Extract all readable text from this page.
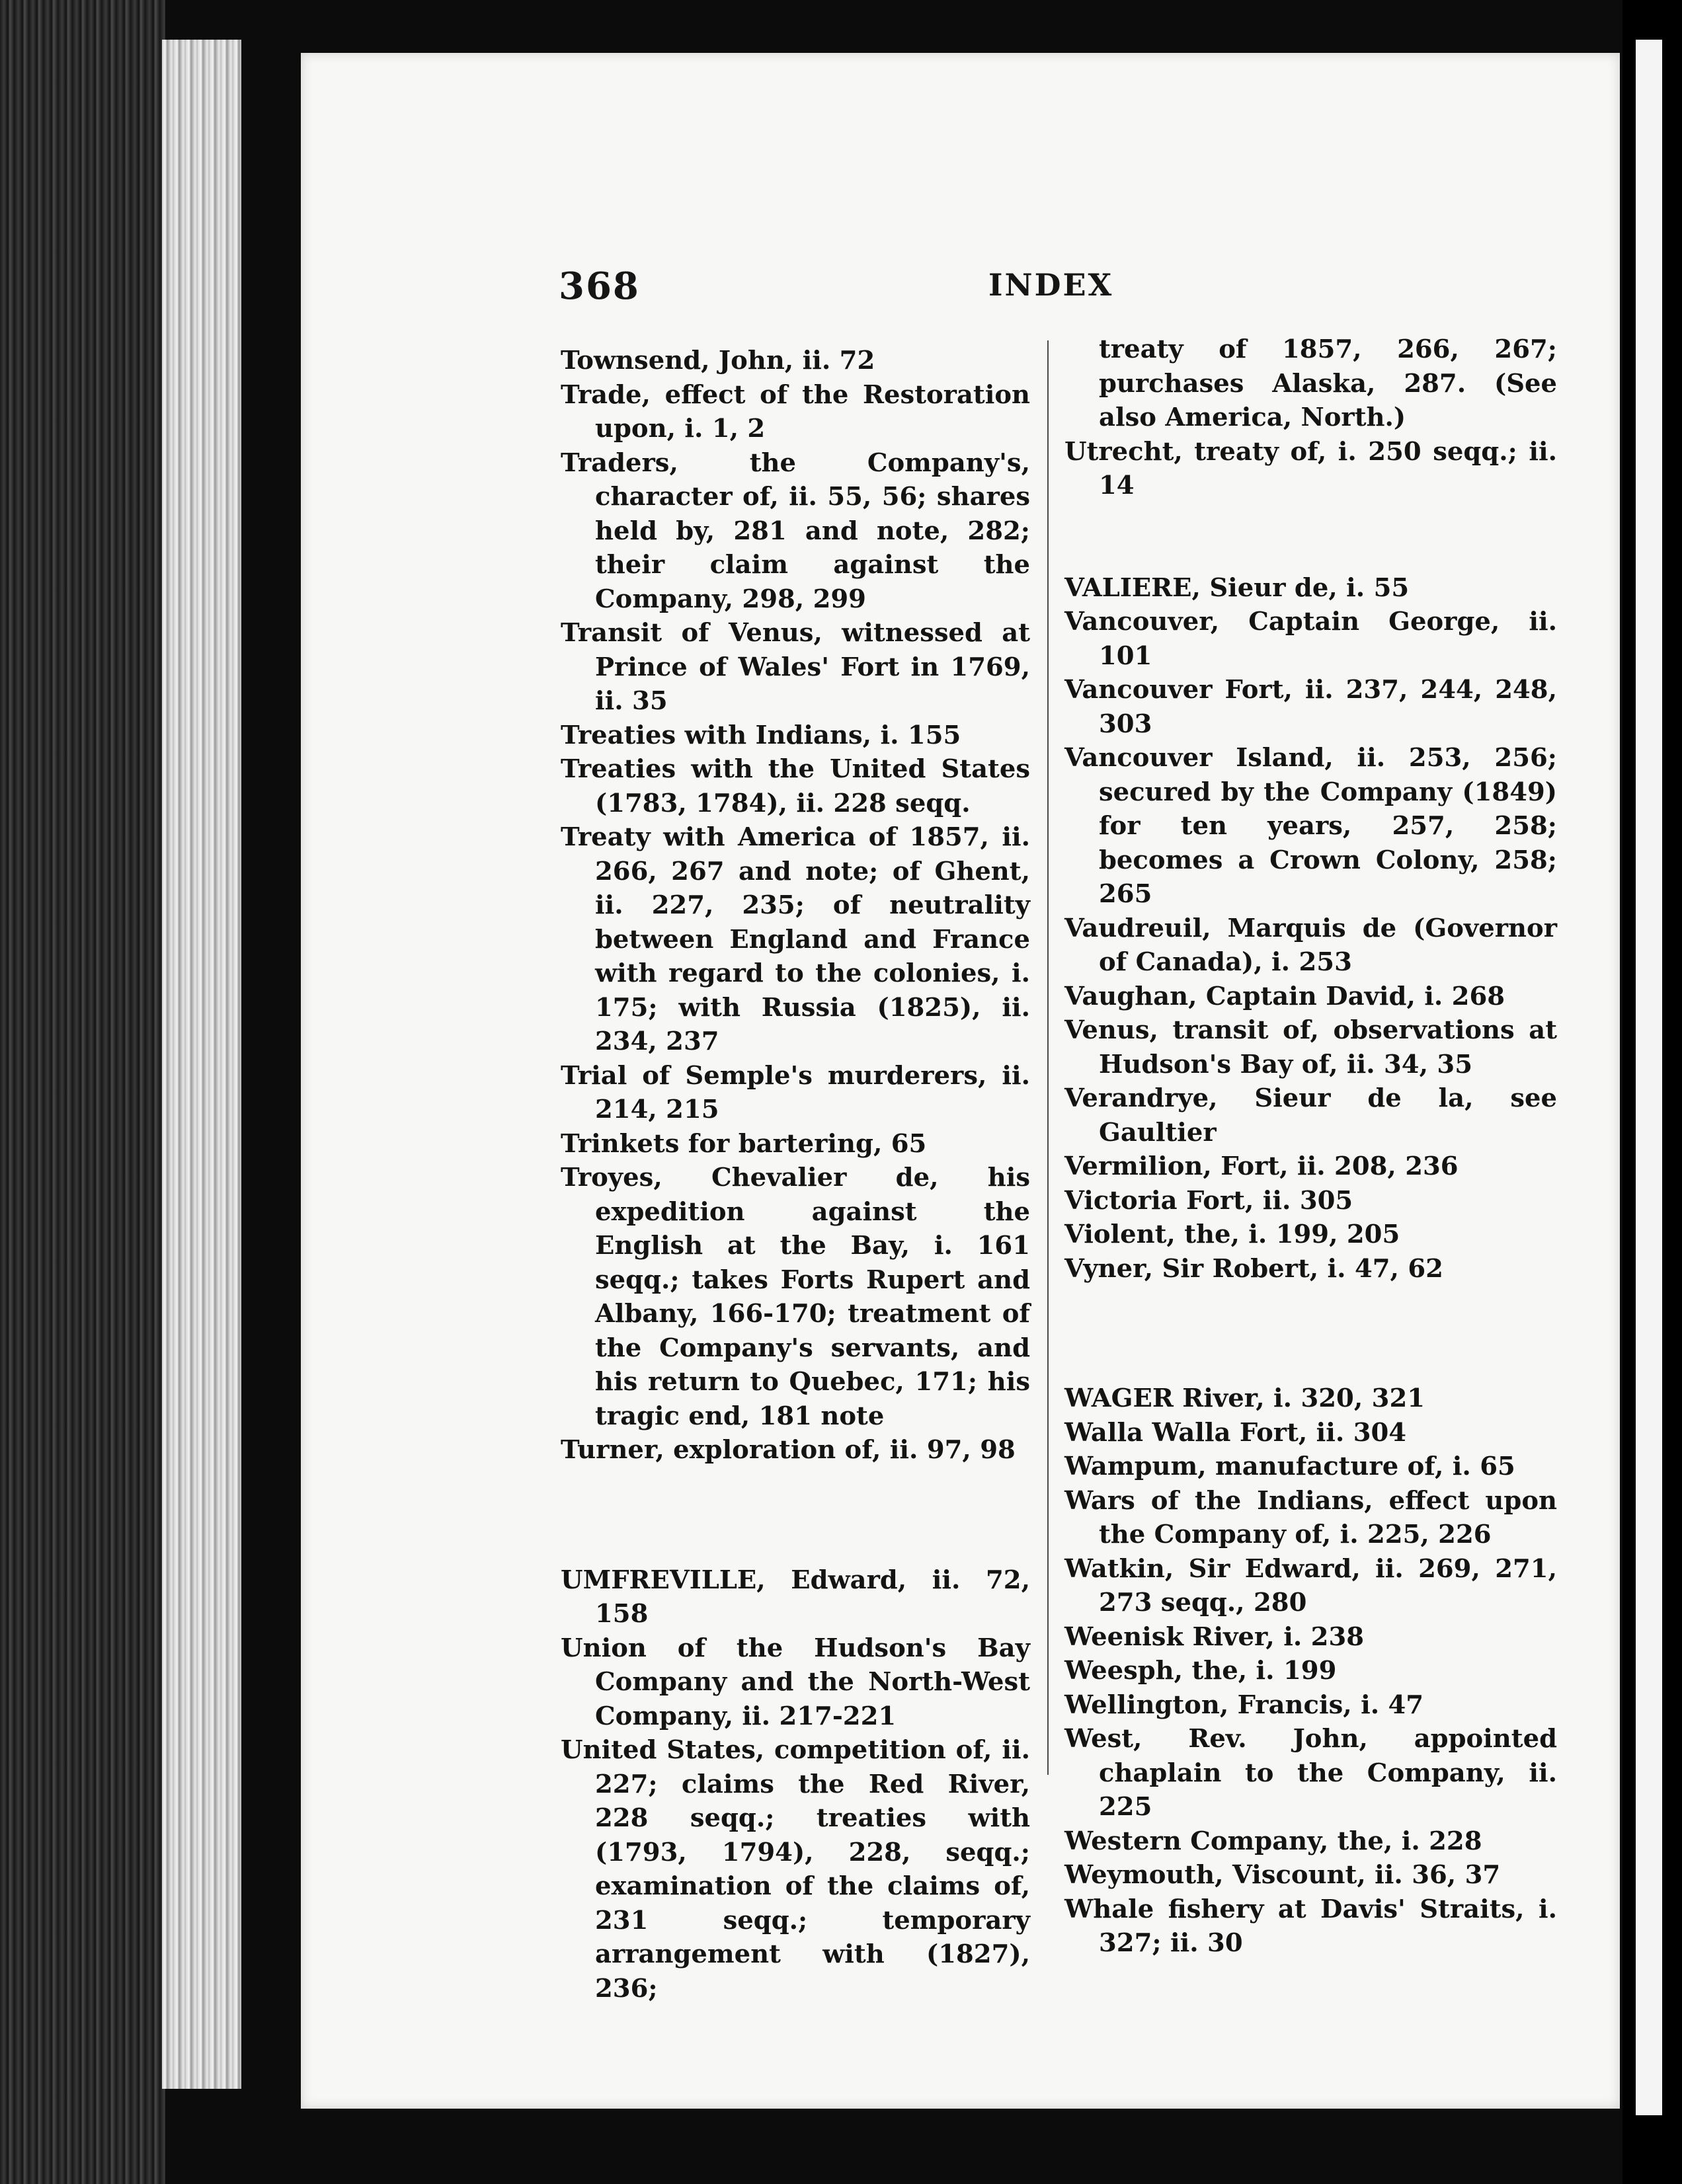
368	INDEX

Townsend, John, ii. 72

Trade, effect of the Restoration upon, i. 1, 2

Traders, the Company's, character of, ii. 55, 56; shares held by, 281 and note, 282; their claim against the Company, 298, 299

Transit of Venus, witnessed at Prince of Wales' Fort in 1769, ii. 35

Treaties with Indians, i. 155

Treaties with the United States (1783, 1784), ii. 228 seqq.

Treaty with America of 1857, ii. 266, 267 and note; of Ghent, ii. 227, 235; of neutrality between England and France with regard to the colonies, i. 175; with Russia (1825), ii. 234, 237

Trial of Semple's murderers, ii. 214, 215

Trinkets for bartering, 65

Troyes, Chevalier de, his expedition against the English at the Bay, i. 161 seqq.; takes Forts Rupert and Albany, 166-170; treatment of the Company's servants, and his return to Quebec, 171; his tragic end, 181 note

Turner, exploration of, ii. 97, 98

UMFREVILLE, Edward, ii. 72, 158

Union of the Hudson's Bay Company and the North-West Company, ii. 217-221

United States, competition of, ii. 227; claims the Red River, 228 seqq.; treaties with (1793, 1794), 228, seqq.; examination of the claims of, 231 seqq.; temporary arrangement with (1827), 236;

treaty of 1857, 266, 267; purchases Alaska, 287. (See also America, North.)

Utrecht, treaty of, i. 250 seqq.; ii. 14

VALIERE, Sieur de, i. 55

Vancouver, Captain George, ii. 101

Vancouver Fort, ii. 237, 244, 248, 303

Vancouver Island, ii. 253, 256; secured by the Company (1849) for ten years, 257, 258; becomes a Crown Colony, 258; 265

Vaudreuil, Marquis de (Governor of Canada), i. 253

Vaughan, Captain David, i. 268

Venus, transit of, observations at Hudson's Bay of, ii. 34, 35

Verandrye, Sieur de la, see Gaultier

Vermilion, Fort, ii. 208, 236

Victoria Fort, ii. 305

Violent, the, i. 199, 205

Vyner, Sir Robert, i. 47, 62

WAGER River, i. 320, 321

Walla Walla Fort, ii. 304

Wampum, manufacture of, i. 65

Wars of the Indians, effect upon the Company of, i. 225, 226

Watkin, Sir Edward, ii. 269, 271, 273 seqq., 280

Weenisk River, i. 238

Weesph, the, i. 199

Wellington, Francis, i. 47

West, Rev. John, appointed chaplain to the Company, ii. 225

Western Company, the, i. 228

Weymouth, Viscount, ii. 36, 37

Whale fishery at Davis' Straits, i. 327; ii. 30
